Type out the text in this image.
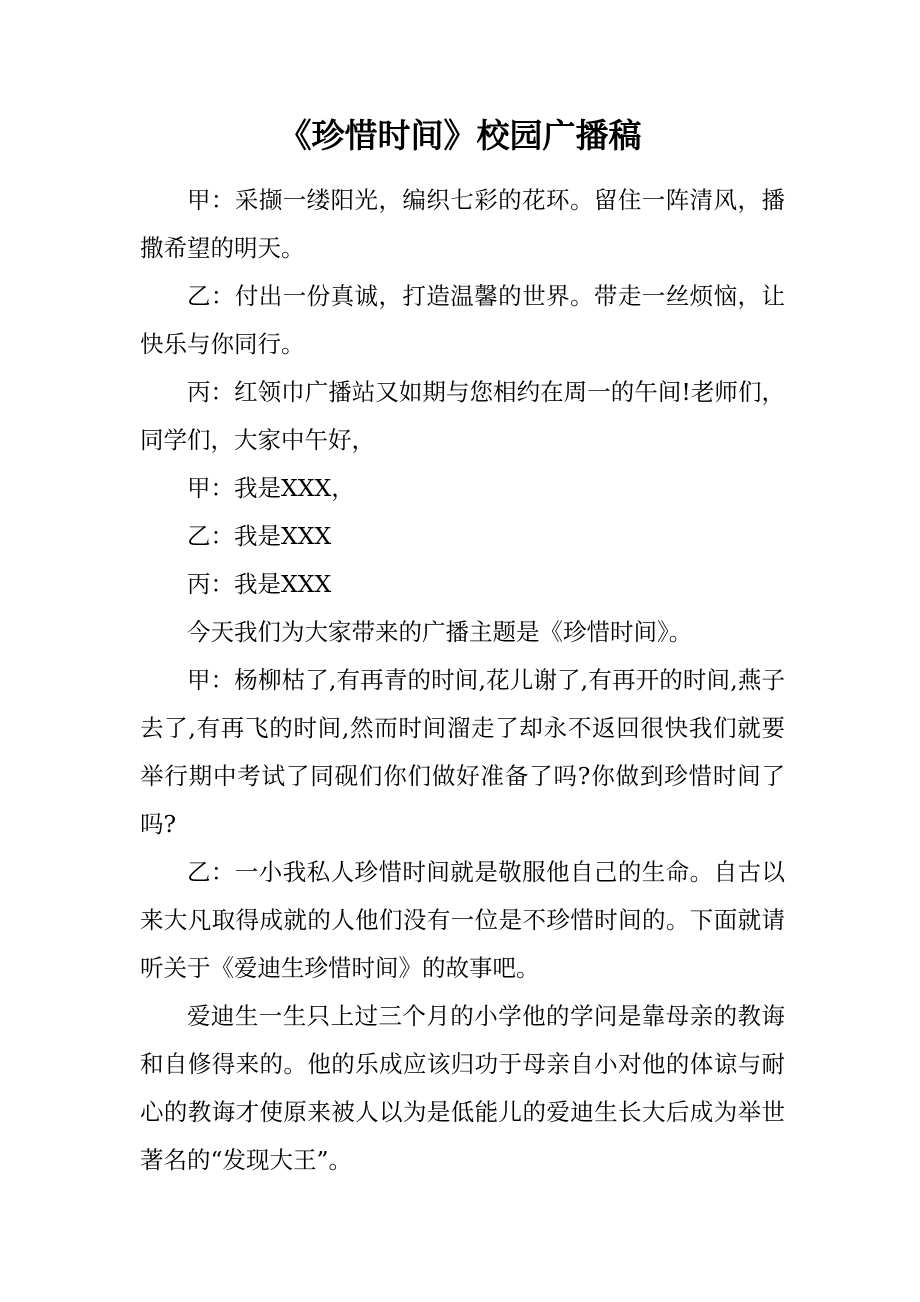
《珍惜时间》校园广播稿

甲：采撷一缕阳光，编织七彩的花环。留住一阵清风，播撒希望的明天。

乙：付出一份真诚，打造温馨的世界。带走一丝烦恼，让快乐与你同行。

丙：红领巾广播站又如期与您相约在周一的午间!老师们，同学们，大家中午好，

甲：我是XXX，

乙：我是XXX

丙：我是XXX

今天我们为大家带来的广播主题是《珍惜时间》。

甲：杨柳枯了,有再青的时间,花儿谢了,有再开的时间,燕子去了,有再飞的时间,然而时间溜走了却永不返回很快我们就要举行期中考试了同砚们你们做好准备了吗?你做到珍惜时间了吗?

乙：一小我私人珍惜时间就是敬服他自己的生命。自古以来大凡取得成就的人他们没有一位是不珍惜时间的。下面就请听关于《爱迪生珍惜时间》的故事吧。

爱迪生一生只上过三个月的小学他的学问是靠母亲的教诲和自修得来的。他的乐成应该归功于母亲自小对他的体谅与耐心的教诲才使原来被人以为是低能儿的爱迪生长大后成为举世著名的“发现大王”。
